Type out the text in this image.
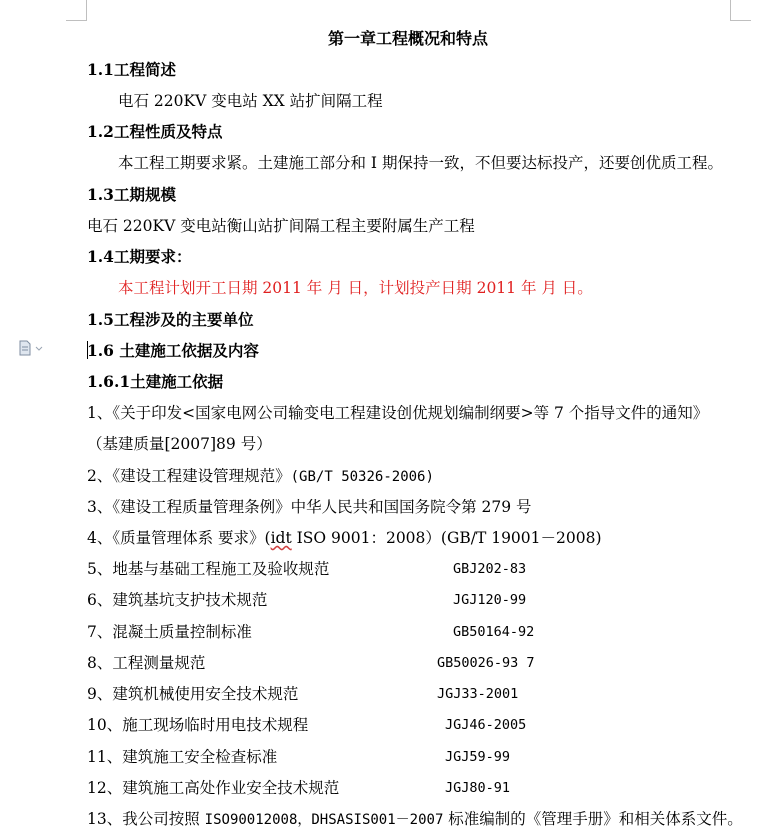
第一章工程概况和特点
1.1工程简述
电石 220KV 变电站 XX 站扩间隔工程
1.2工程性质及特点
本工程工期要求紧。土建施工部分和 I 期保持一致，不但要达标投产，还要创优质工程。
1.3工期规模
电石 220KV 变电站衡山站扩间隔工程主要附属生产工程
1.4工期要求：
本工程计划开工日期 2011 年 月 日，计划投产日期 2011 年 月 日。
1.5工程涉及的主要单位
1.6 土建施工依据及内容
1.6.1土建施工依据
1、《关于印发<国家电网公司输变电工程建设创优规划编制纲要>等 7 个指导文件的通知》
（基建质量[2007]89 号）
2、《建设工程建设管理规范》(GB/T 50326-2006)
3、《建设工程质量管理条例》中华人民共和国国务院令第 279 号
4、《质量管理体系 要求》(idt ISO 9001：2008）(GB/T 19001－2008)
5、地基与基础工程施工及验收规范	GBJ202-83
6、建筑基坑支护技术规范	JGJ120-99
7、混凝土质量控制标准	GB50164-92
8、工程测量规范	GB50026-93 7
9、建筑机械使用安全技术规范	JGJ33-2001
10、施工现场临时用电技术规程	JGJ46-2005
11、建筑施工安全检查标准	JGJ59-99
12、建筑施工高处作业安全技术规范	JGJ80-91
13、我公司按照 ISO90012008，DHSASIS001－2007 标准编制的《管理手册》和相关体系文件。
